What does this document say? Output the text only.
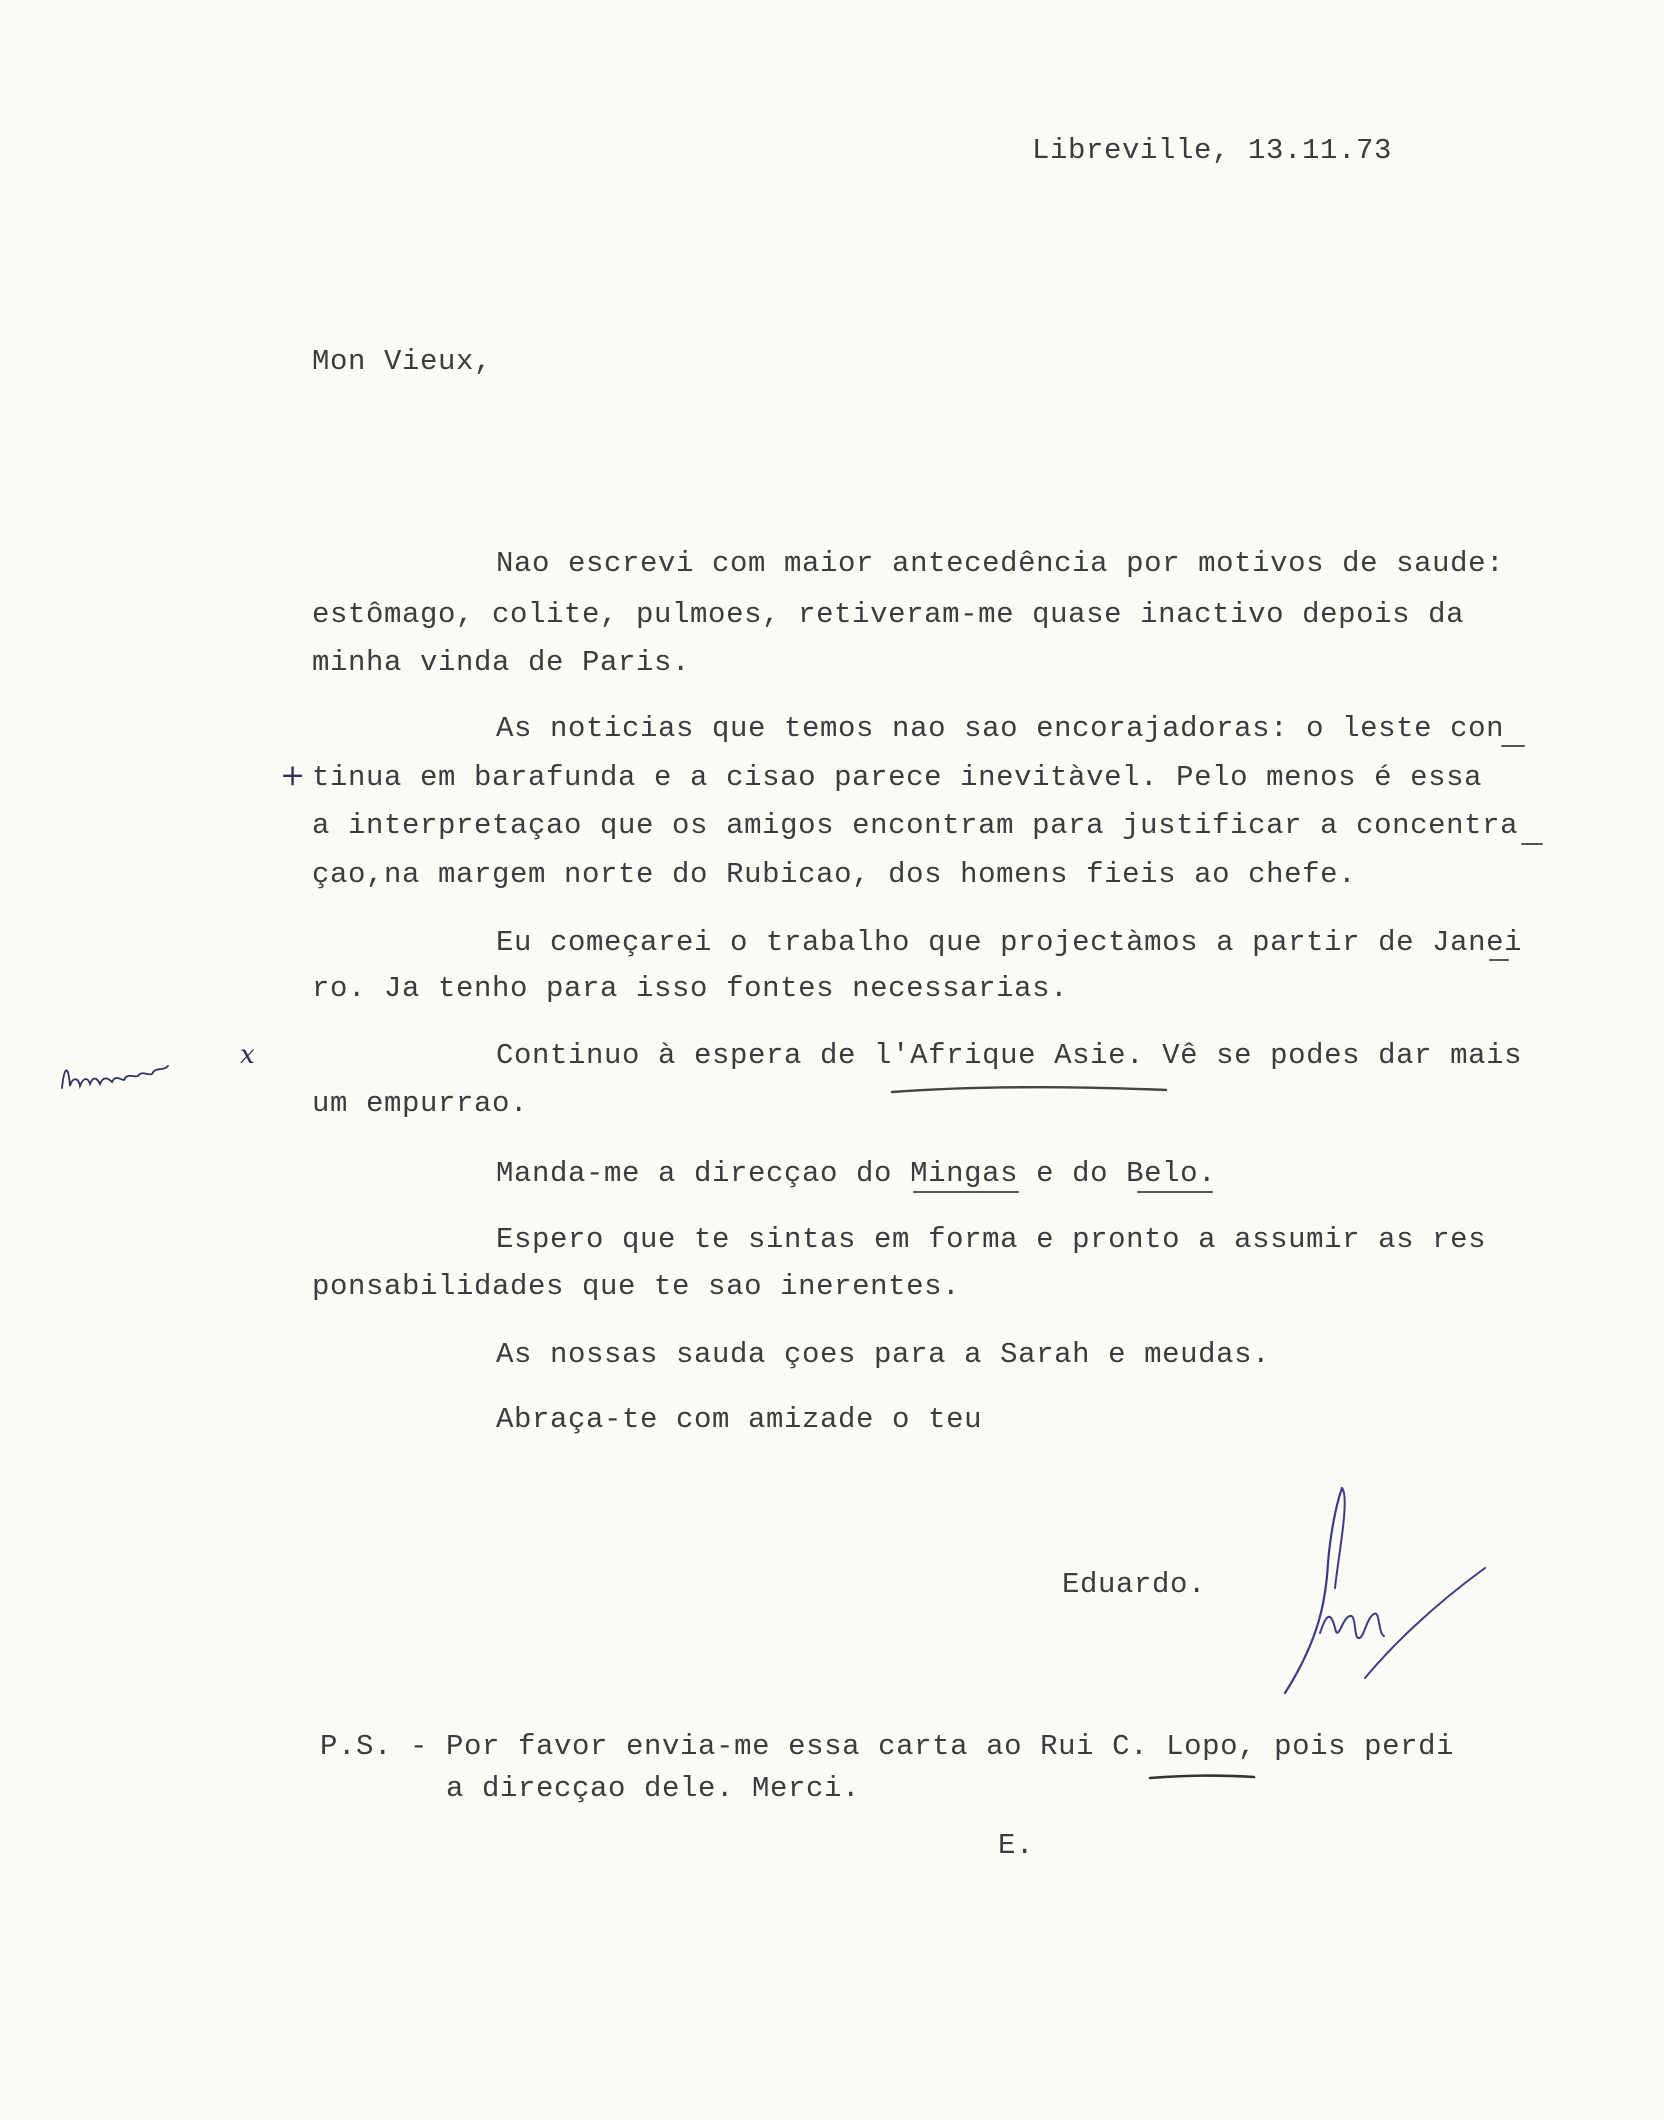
Libreville, 13.11.73
Mon Vieux,
Nao escrevi com maior antecedência por motivos de saude:
estômago, colite, pulmoes, retiveram-me quase inactivo depois da
minha vinda de Paris.
As noticias que temos nao sao encorajadoras: o leste con
tinua em barafunda e a cisao parece inevitàvel. Pelo menos é essa
a interpretaçao que os amigos encontram para justificar a concentra
çao,na margem norte do Rubicao, dos homens fieis ao chefe.
Eu começarei o trabalho que projectàmos a partir de Janei
ro. Ja tenho para isso fontes necessarias.
Continuo à espera de l'Afrique Asie. Vê se podes dar mais
um empurrao.
Manda-me a direcçao do Mingas e do Belo.
Espero que te sintas em forma e pronto a assumir as res
ponsabilidades que te sao inerentes.
As nossas sauda çoes para a Sarah e meudas.
Abraça-te com amizade o teu
Eduardo.
P.S. - Por favor envia-me essa carta ao Rui C. Lopo, pois perdi
a direcçao dele. Merci.
E.
+
x
